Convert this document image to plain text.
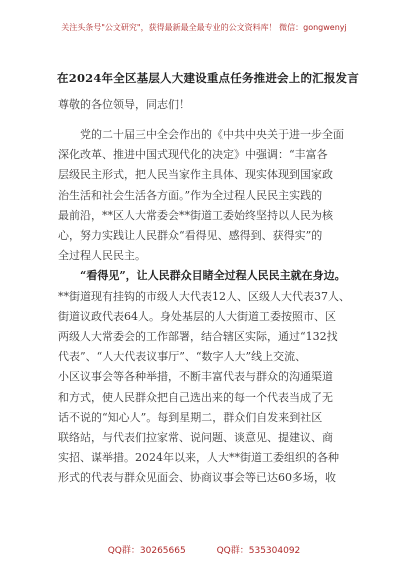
关注头条号"公文研究"，获得最新最全最专业的公文资料库！ 微信：gongwenyj
在2024年全区基层人大建设重点任务推进会上的汇报发言
尊敬的各位领导，同志们！
　　党的二十届三中全会作出的《中共中央关于进一步全面
深化改革、推进中国式现代化的决定》中强调：“丰富各
层级民主形式，把人民当家作主具体、现实体现到国家政
治生活和社会生活各方面。”作为全过程人民民主实践的
最前沿，**区人大常委会**街道工委始终坚持以人民为核
心，努力实践让人民群众“看得见、感得到、获得实”的
全过程人民民主。
　　“看得见”，让人民群众目睹全过程人民民主就在身边。
**街道现有挂钩的市级人大代表12人、区级人大代表37人、
街道议政代表64人。身处基层的人大街道工委按照市、区
两级人大常委会的工作部署，结合辖区实际，通过“132找
代表”、“人大代表议事厅”、“数字人大”线上交流、
小区议事会等各种举措，不断丰富代表与群众的沟通渠道
和方式，使人民群众把自己选出来的每一个代表当成了无
话不说的“知心人”。每到星期二，群众们自发来到社区
联络站，与代表们拉家常、说问题、谈意见、提建议、商
实招、谋举措。2024年以来，人大**街道工委组织的各种
形式的代表与群众见面会、协商议事会等已达60多场，收
QQ群：30265665	QQ群：535304092
